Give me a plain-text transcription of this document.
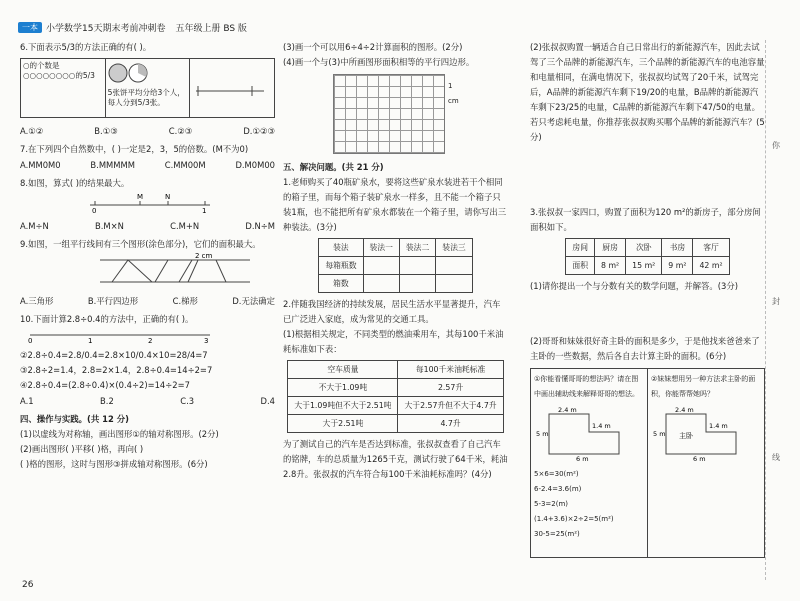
一本 小学数学15天期末考前冲刺卷 五年级上册 BS 版

6.下面表示5/3的方法正确的有( )。

○的个数是○○○○○○○○的5/3

5张饼平均分给3个人，每人分到5/3张。
A.①②	B.①③	C.②③	D.①②③

7.在下列四个自然数中，( )一定是2，3，5的倍数。(M不为0)

A.MM0M0	B.MMMMM	C.MM00M	D.M0M00

8.如图，算式( )的结果最大。

0
M	N
1
A.M÷N	B.M×N	C.M+N	D.N÷M

9.如图，一组平行线间有三个图形(涂色部分)，它们的面积最大。

2 cm
A.三角形	B.平行四边形	C.梯形	D.无法确定

10.下面计算2.8÷0.4的方法中，正确的有( )。

0	1	2	3

②2.8÷0.4=2.8/0.4=2.8×10/0.4×10=28/4=7

③2.8÷2=1.4，2.8=2×1.4，2.8÷0.4=14÷2=7

④2.8÷0.4=(2.8÷0.4)×(0.4÷2)=14÷2=7

A.1	B.2	C.3	D.4

四、操作与实践。(共 12 分)

(1)以虚线为对称轴，画出图形①的轴对称图形。(2分)

(2)画出图形( )平移( )格，再向( )

( )格的图形，这时与图形③拼成轴对称图形。(6分)

(3)画一个可以用6÷4÷2计算面积的图形。(2分)

(4)画一个与(3)中所画图形面积相等的平行四边形。

1 cm

五、解决问题。(共 21 分)

1.老师购买了40瓶矿泉水，要将这些矿泉水装进若干个相同的箱子里，而每个箱子装矿泉水一样多，且不能一个箱子只装1瓶，也不能把所有矿泉水都装在一个箱子里，请你写出三种装法。(3分)

装法	装法一	装法二	装法三
每箱瓶数			
箱数			

2.伴随我国经济的持续发展，居民生活水平显著提升，汽车已广泛进入家庭，成为常见的交通工具。

(1)根据相关规定，不同类型的燃油乘用车，其每100千米油耗标准如下表：

空车质量	每100千米油耗标准
不大于1.09吨	2.57升
大于1.09吨但不大于2.51吨	大于2.57升但不大于4.7升
大于2.51吨	4.7升

为了测试自己的汽车是否达到标准，张叔叔查看了自己汽车的铭牌，车的总质量为1265千克，测试行驶了64千米，耗油2.8升。张叔叔的汽车符合每100千米油耗标准吗？(4分)

(2)张叔叔购置一辆适合自己日常出行的新能源汽车，因此去试驾了三个品牌的新能源汽车，三个品牌的新能源汽车的电池容量和电量相同，在满电情况下，张叔叔均试驾了20千米，试驾完后，A品牌的新能源汽车剩下19/20的电量，B品牌的新能源汽车剩下23/25的电量，C品牌的新能源汽车剩下47/50的电量。若只考虑耗电量，你推荐张叔叔购买哪个品牌的新能源汽车？(5分)

3.张叔叔一家四口，购置了面积为120 m²的新房子，部分房间面积如下。

房间	厨房	次卧	书房	客厅
面积	8 m²	15 m²	9 m²	42 m²

(1)请你提出一个与分数有关的数学问题，并解答。(3分)

(2)哥哥和妹妹很好奇主卧的面积是多少，于是他找来爸爸来了主卧的一些数据，然后各自去计算主卧的面积。(6分)

①你能看懂哥哥的想法吗？请在图中画出辅助线来解释哥哥的想法。

2.4 m
5 m
1.4 m
6 m

5×6=30(m²)

6-2.4=3.6(m)

5-3=2(m)

(1.4+3.6)×2÷2=5(m²)

30-5=25(m²)

②妹妹想用另一种方法求主卧的面积，你能帮帮她吗？

2.4 m
5 m
1.4 m
6 m
主卧
你
封
线
26
